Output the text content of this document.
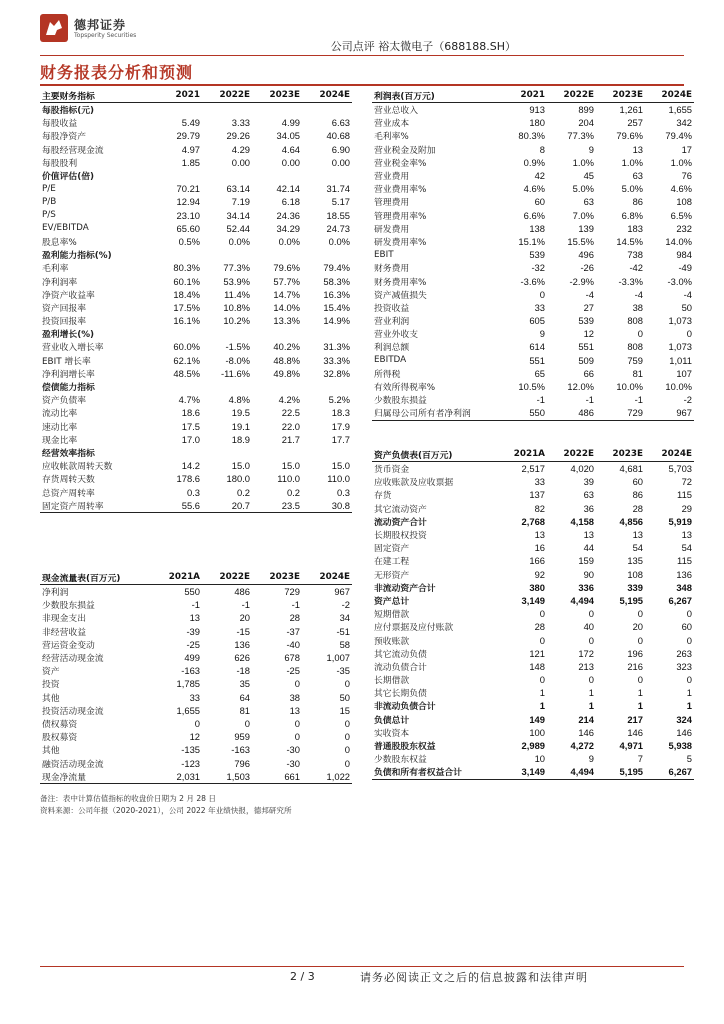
德邦证券
Topsperity Securities
公司点评 裕太微电子（688188.SH）
财务报表分析和预测
主要财务指标	2021	2022E	2023E	2024E
每股指标(元)				
每股收益	5.49	3.33	4.99	6.63
每股净资产	29.79	29.26	34.05	40.68
每股经营现金流	4.97	4.29	4.64	6.90
每股股利	1.85	0.00	0.00	0.00
价值评估(倍)				
P/E	70.21	63.14	42.14	31.74
P/B	12.94	7.19	6.18	5.17
P/S	23.10	34.14	24.36	18.55
EV/EBITDA	65.60	52.44	34.29	24.73
股息率%	0.5%	0.0%	0.0%	0.0%
盈利能力指标(%)				
毛利率	80.3%	77.3%	79.6%	79.4%
净利润率	60.1%	53.9%	57.7%	58.3%
净资产收益率	18.4%	11.4%	14.7%	16.3%
资产回报率	17.5%	10.8%	14.0%	15.4%
投资回报率	16.1%	10.2%	13.3%	14.9%
盈利增长(%)				
营业收入增长率	60.0%	-1.5%	40.2%	31.3%
EBIT 增长率	62.1%	-8.0%	48.8%	33.3%
净利润增长率	48.5%	-11.6%	49.8%	32.8%
偿债能力指标				
资产负债率	4.7%	4.8%	4.2%	5.2%
流动比率	18.6	19.5	22.5	18.3
速动比率	17.5	19.1	22.0	17.9
现金比率	17.0	18.9	21.7	17.7
经营效率指标				
应收帐款周转天数	14.2	15.0	15.0	15.0
存货周转天数	178.6	180.0	110.0	110.0
总资产周转率	0.3	0.2	0.2	0.3
固定资产周转率	55.6	20.7	23.5	30.8
利润表(百万元)	2021	2022E	2023E	2024E
营业总收入	913	899	1,261	1,655
营业成本	180	204	257	342
毛利率%	80.3%	77.3%	79.6%	79.4%
营业税金及附加	8	9	13	17
营业税金率%	0.9%	1.0%	1.0%	1.0%
营业费用	42	45	63	76
营业费用率%	4.6%	5.0%	5.0%	4.6%
管理费用	60	63	86	108
管理费用率%	6.6%	7.0%	6.8%	6.5%
研发费用	138	139	183	232
研发费用率%	15.1%	15.5%	14.5%	14.0%
EBIT	539	496	738	984
财务费用	-32	-26	-42	-49
财务费用率%	-3.6%	-2.9%	-3.3%	-3.0%
资产减值损失	0	-4	-4	-4
投资收益	33	27	38	50
营业利润	605	539	808	1,073
营业外收支	9	12	0	0
利润总额	614	551	808	1,073
EBITDA	551	509	759	1,011
所得税	65	66	81	107
有效所得税率%	10.5%	12.0%	10.0%	10.0%
少数股东损益	-1	-1	-1	-2
归属母公司所有者净利润	550	486	729	967
资产负债表(百万元)	2021A	2022E	2023E	2024E
货币资金	2,517	4,020	4,681	5,703
应收账款及应收票据	33	39	60	72
存货	137	63	86	115
其它流动资产	82	36	28	29
流动资产合计	2,768	4,158	4,856	5,919
长期股权投资	13	13	13	13
固定资产	16	44	54	54
在建工程	166	159	135	115
无形资产	92	90	108	136
非流动资产合计	380	336	339	348
资产总计	3,149	4,494	5,195	6,267
短期借款	0	0	0	0
应付票据及应付账款	28	40	20	60
预收账款	0	0	0	0
其它流动负债	121	172	196	263
流动负债合计	148	213	216	323
长期借款	0	0	0	0
其它长期负债	1	1	1	1
非流动负债合计	1	1	1	1
负债总计	149	214	217	324
实收资本	100	146	146	146
普通股股东权益	2,989	4,272	4,971	5,938
少数股东权益	10	9	7	5
负债和所有者权益合计	3,149	4,494	5,195	6,267
现金流量表(百万元)	2021A	2022E	2023E	2024E
净利润	550	486	729	967
少数股东损益	-1	-1	-1	-2
非现金支出	13	20	28	34
非经营收益	-39	-15	-37	-51
营运资金变动	-25	136	-40	58
经营活动现金流	499	626	678	1,007
资产	-163	-18	-25	-35
投资	1,785	35	0	0
其他	33	64	38	50
投资活动现金流	1,655	81	13	15
债权募资	0	0	0	0
股权募资	12	959	0	0
其他	-135	-163	-30	0
融资活动现金流	-123	796	-30	0
现金净流量	2,031	1,503	661	1,022
备注：表中计算估值指标的收盘价日期为 2 月 28 日
资料来源：公司年报（2020-2021），公司 2022 年业绩快报，德邦研究所
2 / 3	请务必阅读正文之后的信息披露和法律声明
